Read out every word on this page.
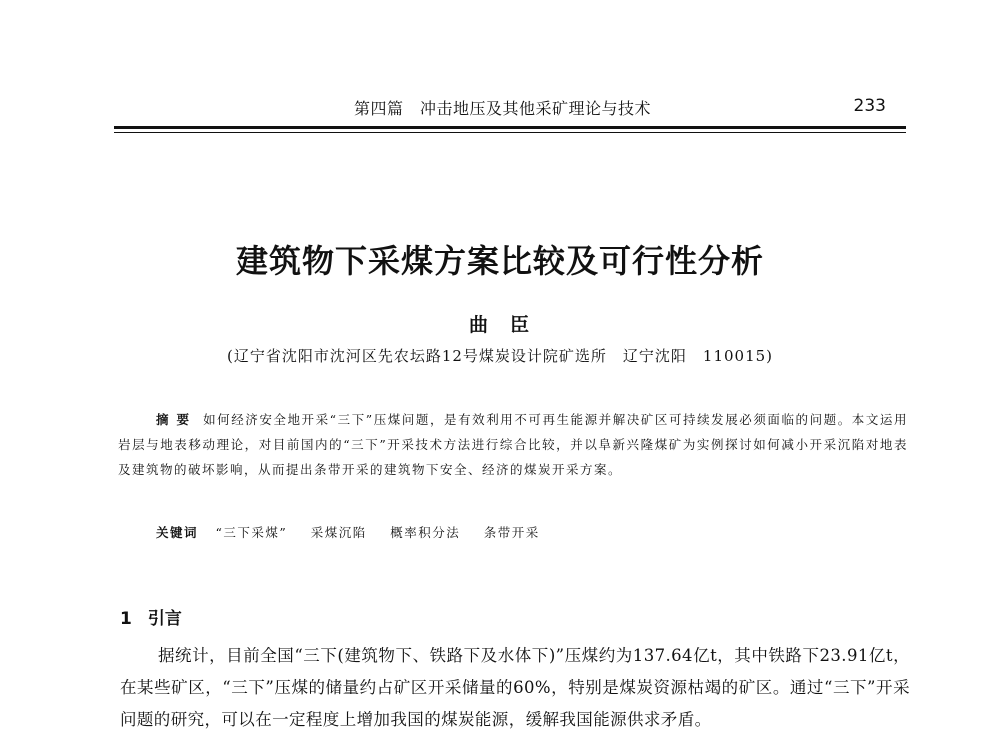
第四篇　冲击地压及其他采矿理论与技术	233
建筑物下采煤方案比较及可行性分析
曲臣
(辽宁省沈阳市沈河区先农坛路12号煤炭设计院矿选所　辽宁沈阳　110015)
摘要 如何经济安全地开采“三下”压煤问题，是有效利用不可再生能源并解决矿区可持续发展必须面临的问题。本文运用岩层与地表移动理论，对目前国内的“三下”开采技术方法进行综合比较，并以阜新兴隆煤矿为实例探讨如何减小开采沉陷对地表及建筑物的破坏影响，从而提出条带开采的建筑物下安全、经济的煤炭开采方案。
关键词 “三下采煤” 采煤沉陷 概率积分法 条带开采
1 引言
据统计，目前全国“三下(建筑物下、铁路下及水体下)”压煤约为137.64亿t，其中铁路下23.91亿t，在某些矿区，“三下”压煤的储量约占矿区开采储量的60%，特别是煤炭资源枯竭的矿区。通过“三下”开采问题的研究，可以在一定程度上增加我国的煤炭能源，缓解我国能源供求矛盾。
